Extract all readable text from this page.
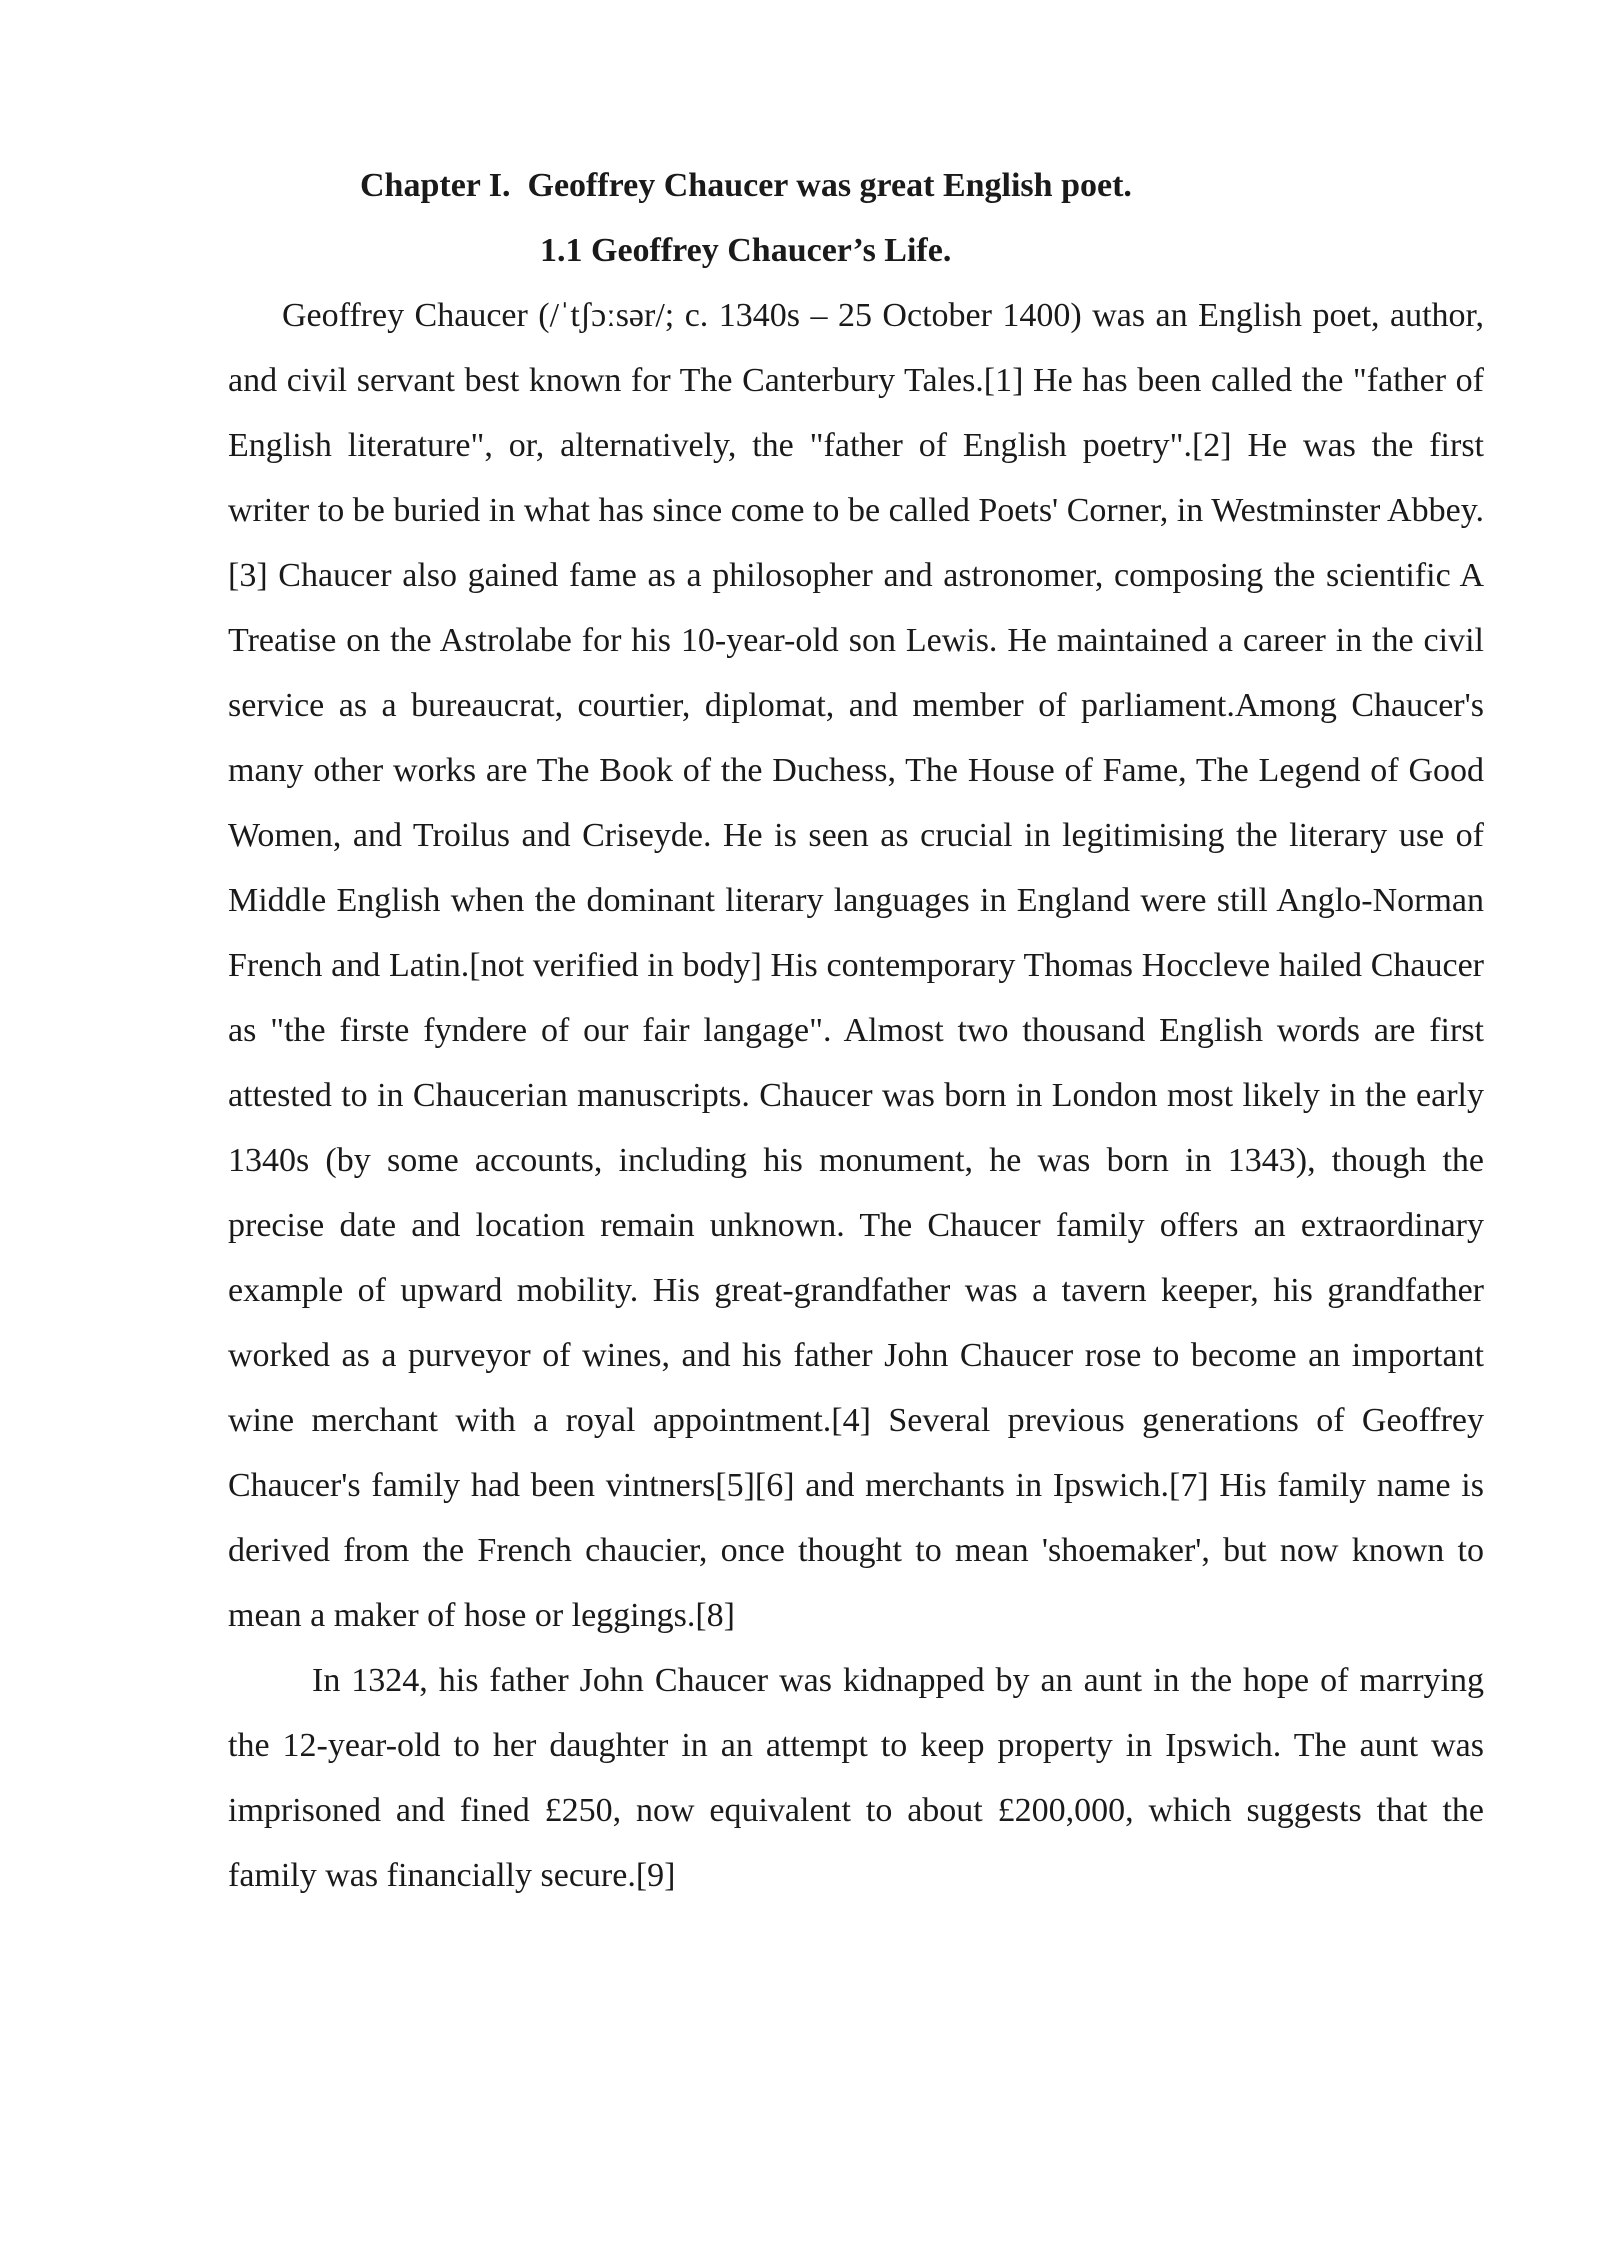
Chapter I.  Geoffrey Chaucer was great English poet.
1.1 Geoffrey Chaucer’s Life.

Geoffrey Chaucer (/ˈtʃɔːsər/; c. 1340s – 25 October 1400) was an English poet, author, and civil servant best known for The Canterbury Tales.[1] He has been called the "father of English literature", or, alternatively, the "father of English poetry".[2] He was the first writer to be buried in what has since come to be called Poets' Corner, in Westminster Abbey.[3] Chaucer also gained fame as a philosopher and astronomer, composing the scientific A Treatise on the Astrolabe for his 10-year-old son Lewis. He maintained a career in the civil service as a bureaucrat, courtier, diplomat, and member of parliament.Among Chaucer's many other works are The Book of the Duchess, The House of Fame, The Legend of Good Women, and Troilus and Criseyde. He is seen as crucial in legitimising the literary use of Middle English when the dominant literary languages in England were still Anglo-Norman French and Latin.[not verified in body] His contemporary Thomas Hoccleve hailed Chaucer as "the firste fyndere of our fair langage". Almost two thousand English words are first attested to in Chaucerian manuscripts. Chaucer was born in London most likely in the early 1340s (by some accounts, including his monument, he was born in 1343), though the precise date and location remain unknown. The Chaucer family offers an extraordinary example of upward mobility. His great-grandfather was a tavern keeper, his grandfather worked as a purveyor of wines, and his father John Chaucer rose to become an important wine merchant with a royal appointment.[4] Several previous generations of Geoffrey Chaucer's family had been vintners[5][6] and merchants in Ipswich.[7] His family name is derived from the French chaucier, once thought to mean 'shoemaker', but now known to mean a maker of hose or leggings.[8]

In 1324, his father John Chaucer was kidnapped by an aunt in the hope of marrying the 12-year-old to her daughter in an attempt to keep property in Ipswich. The aunt was imprisoned and fined £250, now equivalent to about £200,000, which suggests that the family was financially secure.[9]
